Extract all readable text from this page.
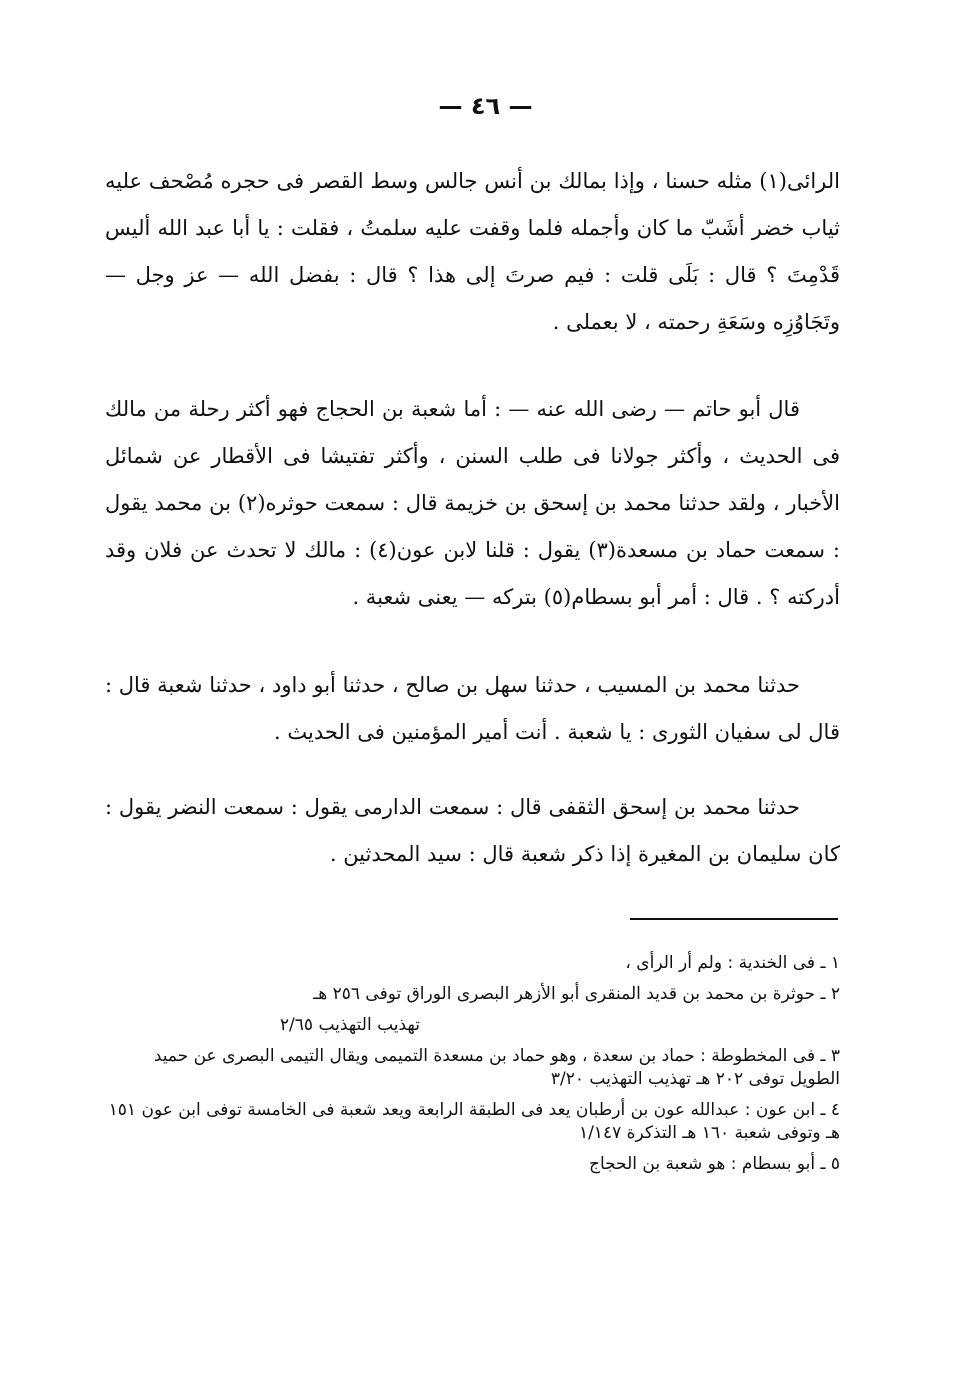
— ٤٦ —
الرائى(١) مثله حسنا ، وإذا بمالك بن أنس جالس وسط القصر فى حجره مُصْحف عليه ثياب خضر أشَبّ ما كان وأجمله فلما وقفت عليه سلمتُ ، فقلت : يا أبا عبد الله أليس قَدْمِتَ ؟ قال : بَلَى قلت : فيم صرتَ إلى هذا ؟ قال : بفضل الله — عز وجل — وتَجَاوُزِه وسَعَةِ رحمته ، لا بعملى .
قال أبو حاتم — رضى الله عنه — : أما شعبة بن الحجاج فهو أكثر رحلة من مالك فى الحديث ، وأكثر جولانا فى طلب السنن ، وأكثر تفتيشا فى الأقطار عن شمائل الأخبار ، ولقد حدثنا محمد بن إسحق بن خزيمة قال : سمعت حوثره(٢) بن محمد يقول : سمعت حماد بن مسعدة(٣) يقول : قلنا لابن عون(٤) : مالك لا تحدث عن فلان وقد أدركته ؟ . قال : أمر أبو بسطام(٥) بتركه — يعنى شعبة .
حدثنا محمد بن المسيب ، حدثنا سهل بن صالح ، حدثنا أبو داود ، حدثنا شعبة قال : قال لى سفيان الثورى : يا شعبة . أنت أمير المؤمنين فى الحديث .
حدثنا محمد بن إسحق الثقفى قال : سمعت الدارمى يقول : سمعت النضر يقول : كان سليمان بن المغيرة إذا ذكر شعبة قال : سيد المحدثين .

١ ـ فى الخندية : ولم أر الرأى ،

٢ ـ حوثرة بن محمد بن قديد المنقرى أبو الأزهر البصرى الوراق توفى ٢٥٦ هـ

تهذيب التهذيب ٢/٦٥

٣ ـ فى المخطوطة : حماد بن سعدة ، وهو حماد بن مسعدة التميمى ويقال التيمى البصرى عن حميد الطويل توفى ٢٠٢ هـ تهذيب التهذيب ٣/٢٠

٤ ـ ابن عون : عبدالله عون بن أرطبان يعد فى الطبقة الرابعة ويعد شعبة فى الخامسة توفى ابن عون ١٥١ هـ وتوفى شعبة ١٦٠ هـ التذكرة ١/١٤٧

٥ ـ أبو بسطام : هو شعبة بن الحجاج
